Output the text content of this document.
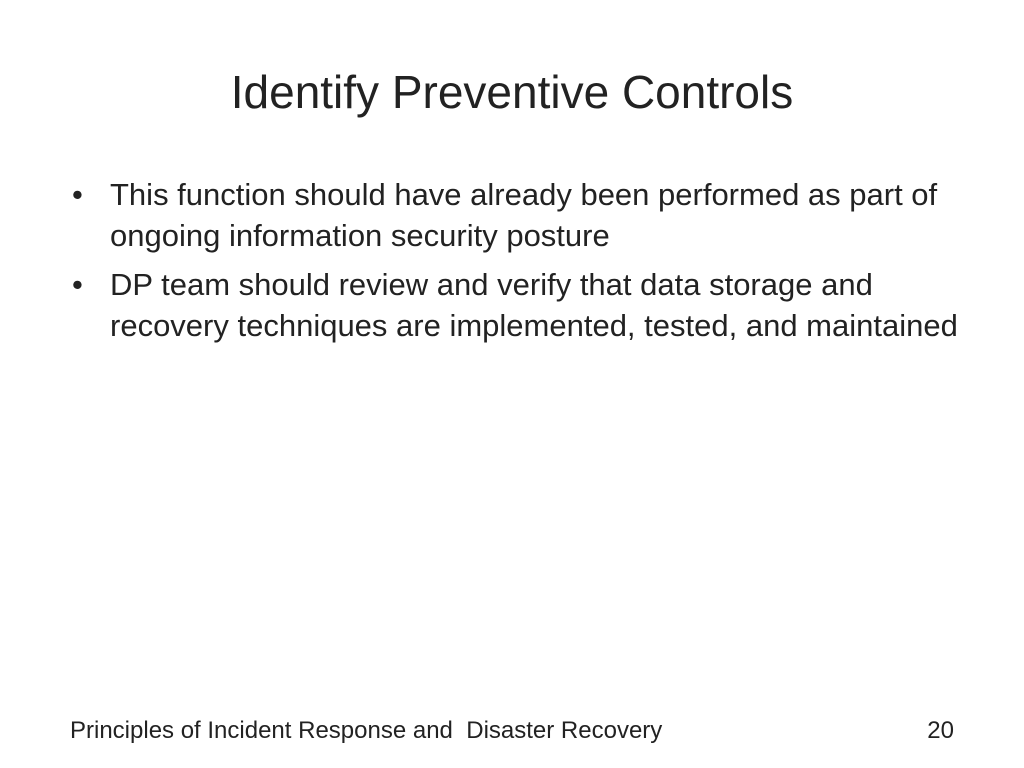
Identify Preventive Controls
• This function should have already been performed as part of ongoing information security posture
• DP team should review and verify that data storage and recovery techniques are implemented, tested, and maintained
Principles of Incident Response and  Disaster Recovery	20
